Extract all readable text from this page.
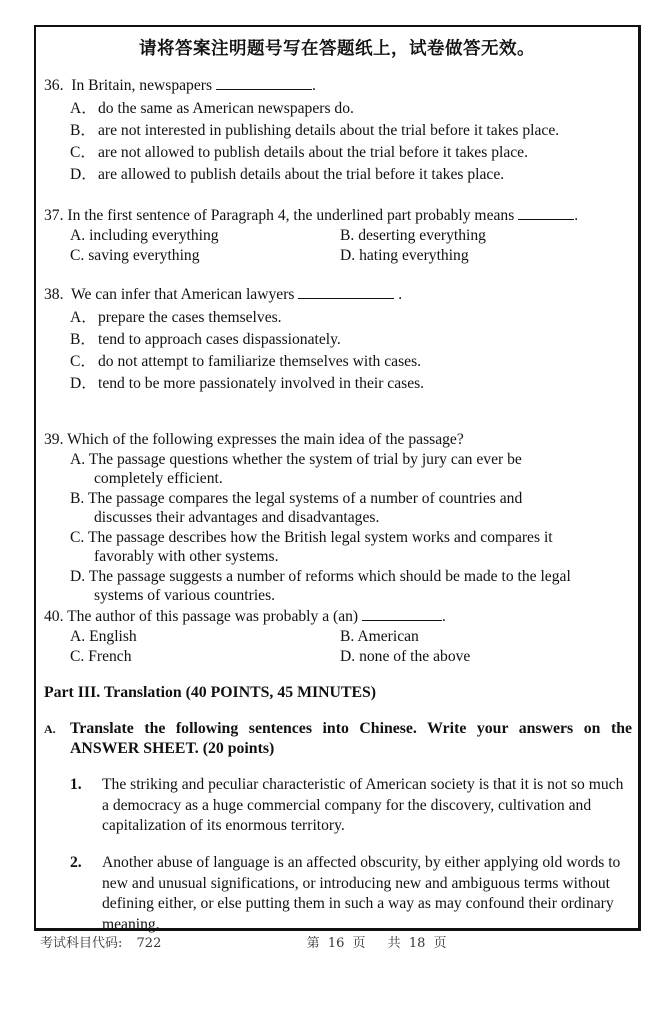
请将答案注明题号写在答题纸上，试卷做答无效。
36. In Britain, newspapers	.
A．do the same as American newspapers do.
B． are not interested in publishing details about the trial before it takes place.
C． are not allowed to publish details about the trial before it takes place.
D．are allowed to publish details about the trial before it takes place.
37. In the first sentence of Paragraph 4, the underlined part probably means	.
A. including everything	B. deserting everything
C. saving everything	D. hating everything
38. We can infer that American lawyers	.
A．prepare the cases themselves.
B． tend to approach cases dispassionately.
C． do not attempt to familiarize themselves with cases.
D．tend to be more passionately involved in their cases.
39. Which of the following expresses the main idea of the passage?
A. The passage questions whether the system of trial by jury can ever be
completely efficient.
B. The passage compares the legal systems of a number of countries and
discusses their advantages and disadvantages.
C. The passage describes how the British legal system works and compares it
favorably with other systems.
D. The passage suggests a number of reforms which should be made to the legal
systems of various countries.
40. The author of this passage was probably a (an)	.
A. English	B. American
C. French	D. none of the above
Part III. Translation (40 POINTS, 45 MINUTES)
A. Translate the following sentences into Chinese. Write your answers on the ANSWER SHEET. (20 points)
1.	The striking and peculiar characteristic of American society is that it is not so much a democracy as a huge commercial company for the discovery, cultivation and capitalization of its enormous territory.
2.	Another abuse of language is an affected obscurity, by either applying old words to new and unusual significations, or introducing new and ambiguous terms without defining either, or else putting them in such a way as may confound their ordinary meaning.
考试科目代码: 722	第 16 页 共 18 页
